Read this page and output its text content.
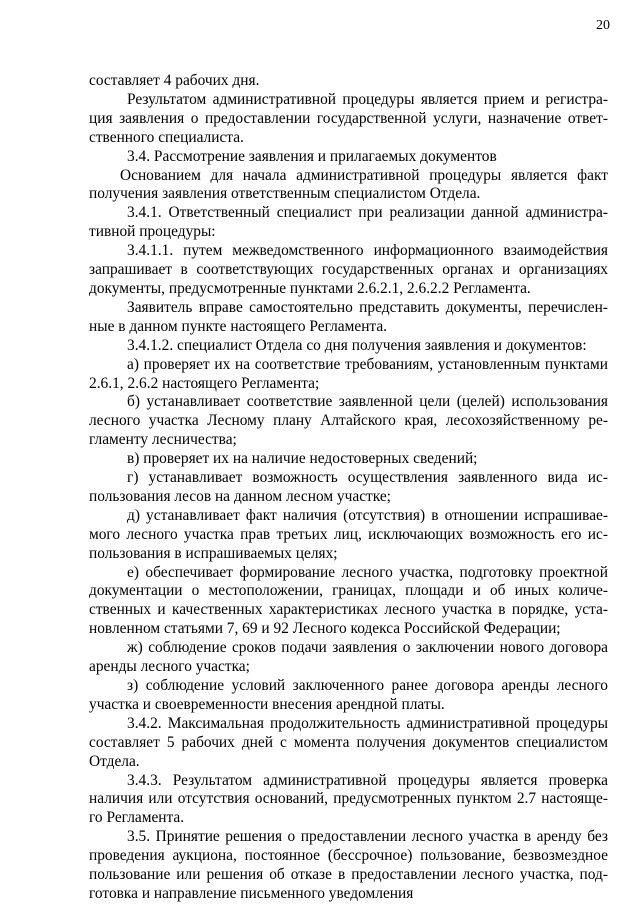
20
составляет 4 рабочих дня.
Результатом административной процедуры является прием и регистра-
ция заявления о предоставлении государственной услуги, назначение ответ-
ственного специалиста.
3.4. Рассмотрение заявления и прилагаемых документов
Основанием для начала административной процедуры является факт
получения заявления ответственным специалистом Отдела.
3.4.1. Ответственный специалист при реализации данной администра-
тивной процедуры:
3.4.1.1. путем межведомственного информационного взаимодействия
запрашивает в соответствующих государственных органах и организациях
документы, предусмотренные пунктами 2.6.2.1, 2.6.2.2 Регламента.
Заявитель вправе самостоятельно представить документы, перечислен-
ные в данном пункте настоящего Регламента.
3.4.1.2. специалист Отдела со дня получения заявления и документов:
а) проверяет их на соответствие требованиям, установленным пунктами
2.6.1, 2.6.2 настоящего Регламента;
б) устанавливает соответствие заявленной цели (целей) использования
лесного участка Лесному плану Алтайского края, лесохозяйственному ре-
гламенту лесничества;
в) проверяет их на наличие недостоверных сведений;
г) устанавливает возможность осуществления заявленного вида ис-
пользования лесов на данном лесном участке;
д) устанавливает факт наличия (отсутствия) в отношении испрашивае-
мого лесного участка прав третьих лиц, исключающих возможность его ис-
пользования в испрашиваемых целях;
е) обеспечивает формирование лесного участка, подготовку проектной
документации о местоположении, границах, площади и об иных количе-
ственных и качественных характеристиках лесного участка в порядке, уста-
новленном статьями 7, 69 и 92 Лесного кодекса Российской Федерации;
ж) соблюдение сроков подачи заявления о заключении нового договора
аренды лесного участка;
з) соблюдение условий заключенного ранее договора аренды лесного
участка и своевременности внесения арендной платы.
3.4.2. Максимальная продолжительность административной процедуры
составляет 5 рабочих дней с момента получения документов специалистом
Отдела.
3.4.3. Результатом административной процедуры является проверка
наличия или отсутствия оснований, предусмотренных пунктом 2.7 настояще-
го Регламента.
3.5. Принятие решения о предоставлении лесного участка в аренду без
проведения аукциона, постоянное (бессрочное) пользование, безвозмездное
пользование или решения об отказе в предоставлении лесного участка, под-
готовка и направление письменного уведомления
